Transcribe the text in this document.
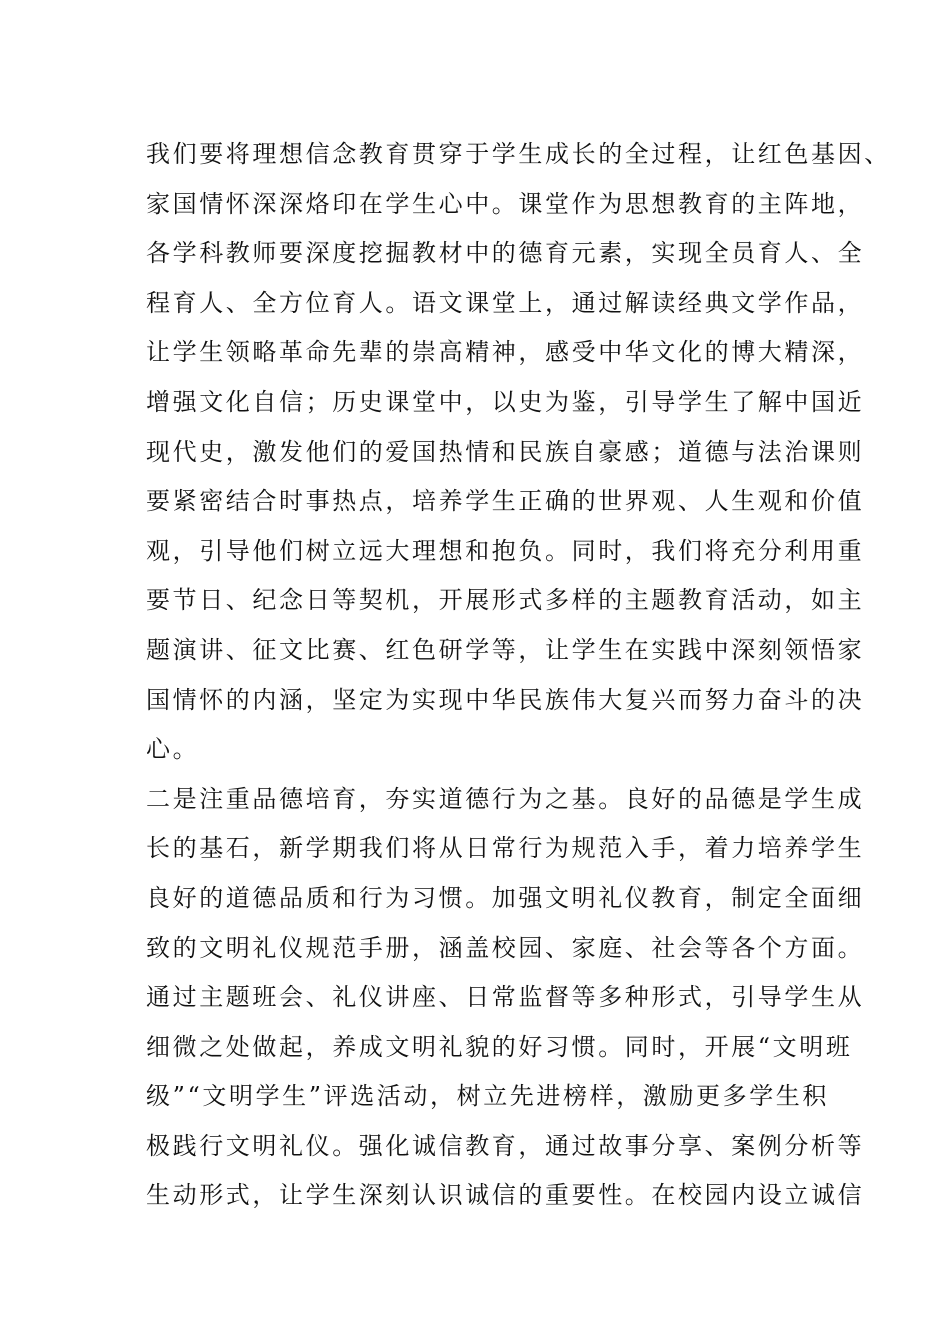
我们要将理想信念教育贯穿于学生成长的全过程，让红色基因、
家国情怀深深烙印在学生心中。课堂作为思想教育的主阵地，
各学科教师要深度挖掘教材中的德育元素，实现全员育人、全
程育人、全方位育人。语文课堂上，通过解读经典文学作品，
让学生领略革命先辈的崇高精神，感受中华文化的博大精深，
增强文化自信；历史课堂中，以史为鉴，引导学生了解中国近
现代史，激发他们的爱国热情和民族自豪感；道德与法治课则
要紧密结合时事热点，培养学生正确的世界观、人生观和价值
观，引导他们树立远大理想和抱负。同时，我们将充分利用重
要节日、纪念日等契机，开展形式多样的主题教育活动，如主
题演讲、征文比赛、红色研学等，让学生在实践中深刻领悟家
国情怀的内涵，坚定为实现中华民族伟大复兴而努力奋斗的决
心。
二是注重品德培育，夯实道德行为之基。良好的品德是学生成
长的基石，新学期我们将从日常行为规范入手，着力培养学生
良好的道德品质和行为习惯。加强文明礼仪教育，制定全面细
致的文明礼仪规范手册，涵盖校园、家庭、社会等各个方面。
通过主题班会、礼仪讲座、日常监督等多种形式，引导学生从
细微之处做起，养成文明礼貌的好习惯。同时，开展“文明班
级”“文明学生”评选活动，树立先进榜样，激励更多学生积
极践行文明礼仪。强化诚信教育，通过故事分享、案例分析等
生动形式，让学生深刻认识诚信的重要性。在校园内设立诚信
